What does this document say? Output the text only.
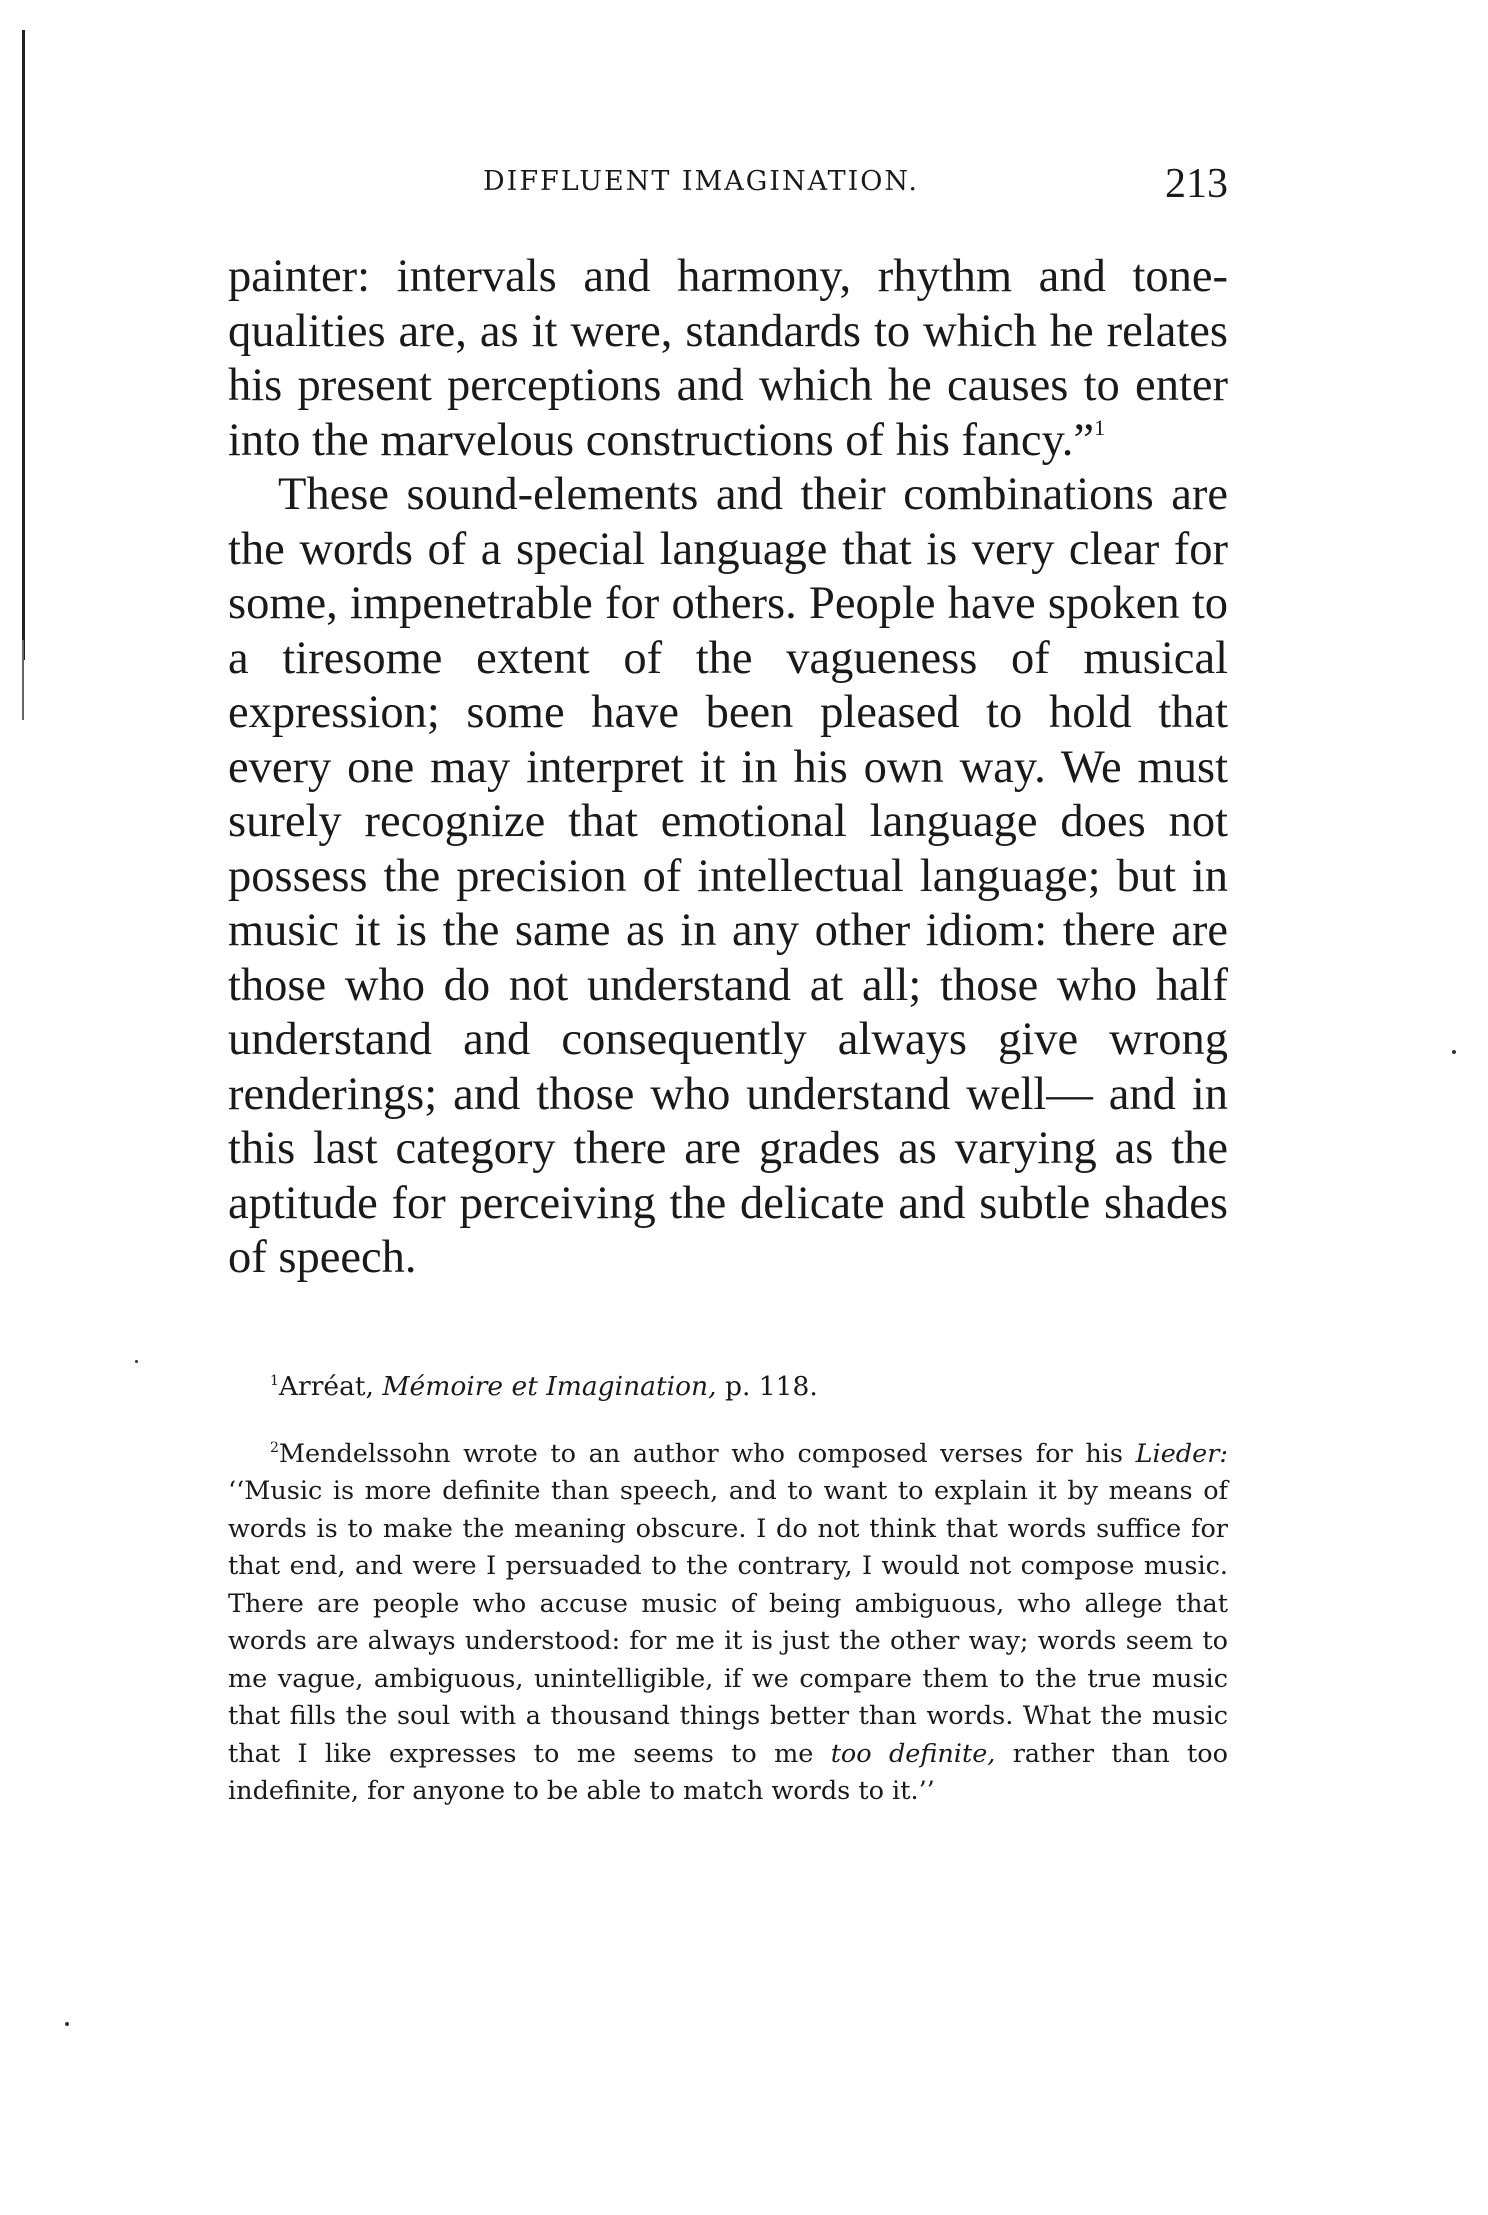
DIFFLUENT IMAGINATION.	213

painter: intervals and harmony, rhythm and tone-qualities are, as it were, standards to which he relates his present perceptions and which he causes to enter into the marvelous constructions of his fancy.”$^1$

These sound-elements and their combinations are the words of a special language that is very clear for some, impenetrable for others. People have spoken to a tiresome extent of the vagueness of musical expression; some have been pleased to hold that every one may interpret it in his own way. We must surely recognize that emotional language does not possess the precision of intellectual language; but in music it is the same as in any other idiom: there are those who do not understand at all; those who half understand and consequently always give wrong renderings; and those who understand well— and in this last category there are grades as varying as the aptitude for perceiving the delicate and subtle shades of speech.

$^1$Arréat, Mémoire et Imagination, p. 118.

$^2$Mendelssohn wrote to an author who composed verses for his Lieder: ‘‘Music is more definite than speech, and to want to explain it by means of words is to make the meaning obscure. I do not think that words suffice for that end, and were I persuaded to the contrary, I would not compose music. There are people who accuse music of being ambiguous, who allege that words are always understood: for me it is just the other way; words seem to me vague, ambiguous, unintelligible, if we compare them to the true music that fills the soul with a thousand things better than words. What the music that I like expresses to me seems to me too definite, rather than too indefinite, for anyone to be able to match words to it.’’
